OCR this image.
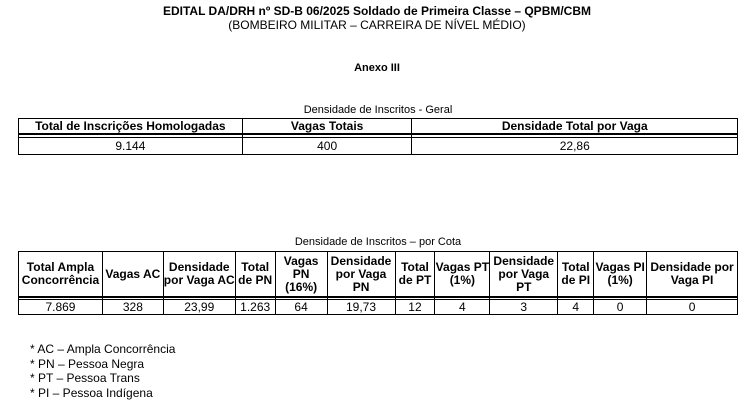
EDITAL DA/DRH nº SD-B 06/2025 Soldado de Primeira Classe – QPBM/CBM
(BOMBEIRO MILITAR – CARREIRA DE NÍVEL MÉDIO)
Anexo III
Densidade de Inscritos - Geral
Total de Inscrições Homologadas	Vagas Totais	Densidade Total por Vaga

9.144	400	22,86
Densidade de Inscritos – por Cota
Total Ampla Concorrência	Vagas AC	Densidade por Vaga AC	Total de PN	Vagas PN (16%)	Densidade por Vaga PN	Total de PT	Vagas PT (1%)	Densidade por Vaga PT	Total de PI	Vagas PI (1%)	Densidade por Vaga PI

7.869	328	23,99	1.263	64	19,73	12	4	3	4	0	0
* AC – Ampla Concorrência
* PN – Pessoa Negra
* PT – Pessoa Trans
* PI – Pessoa Indígena
